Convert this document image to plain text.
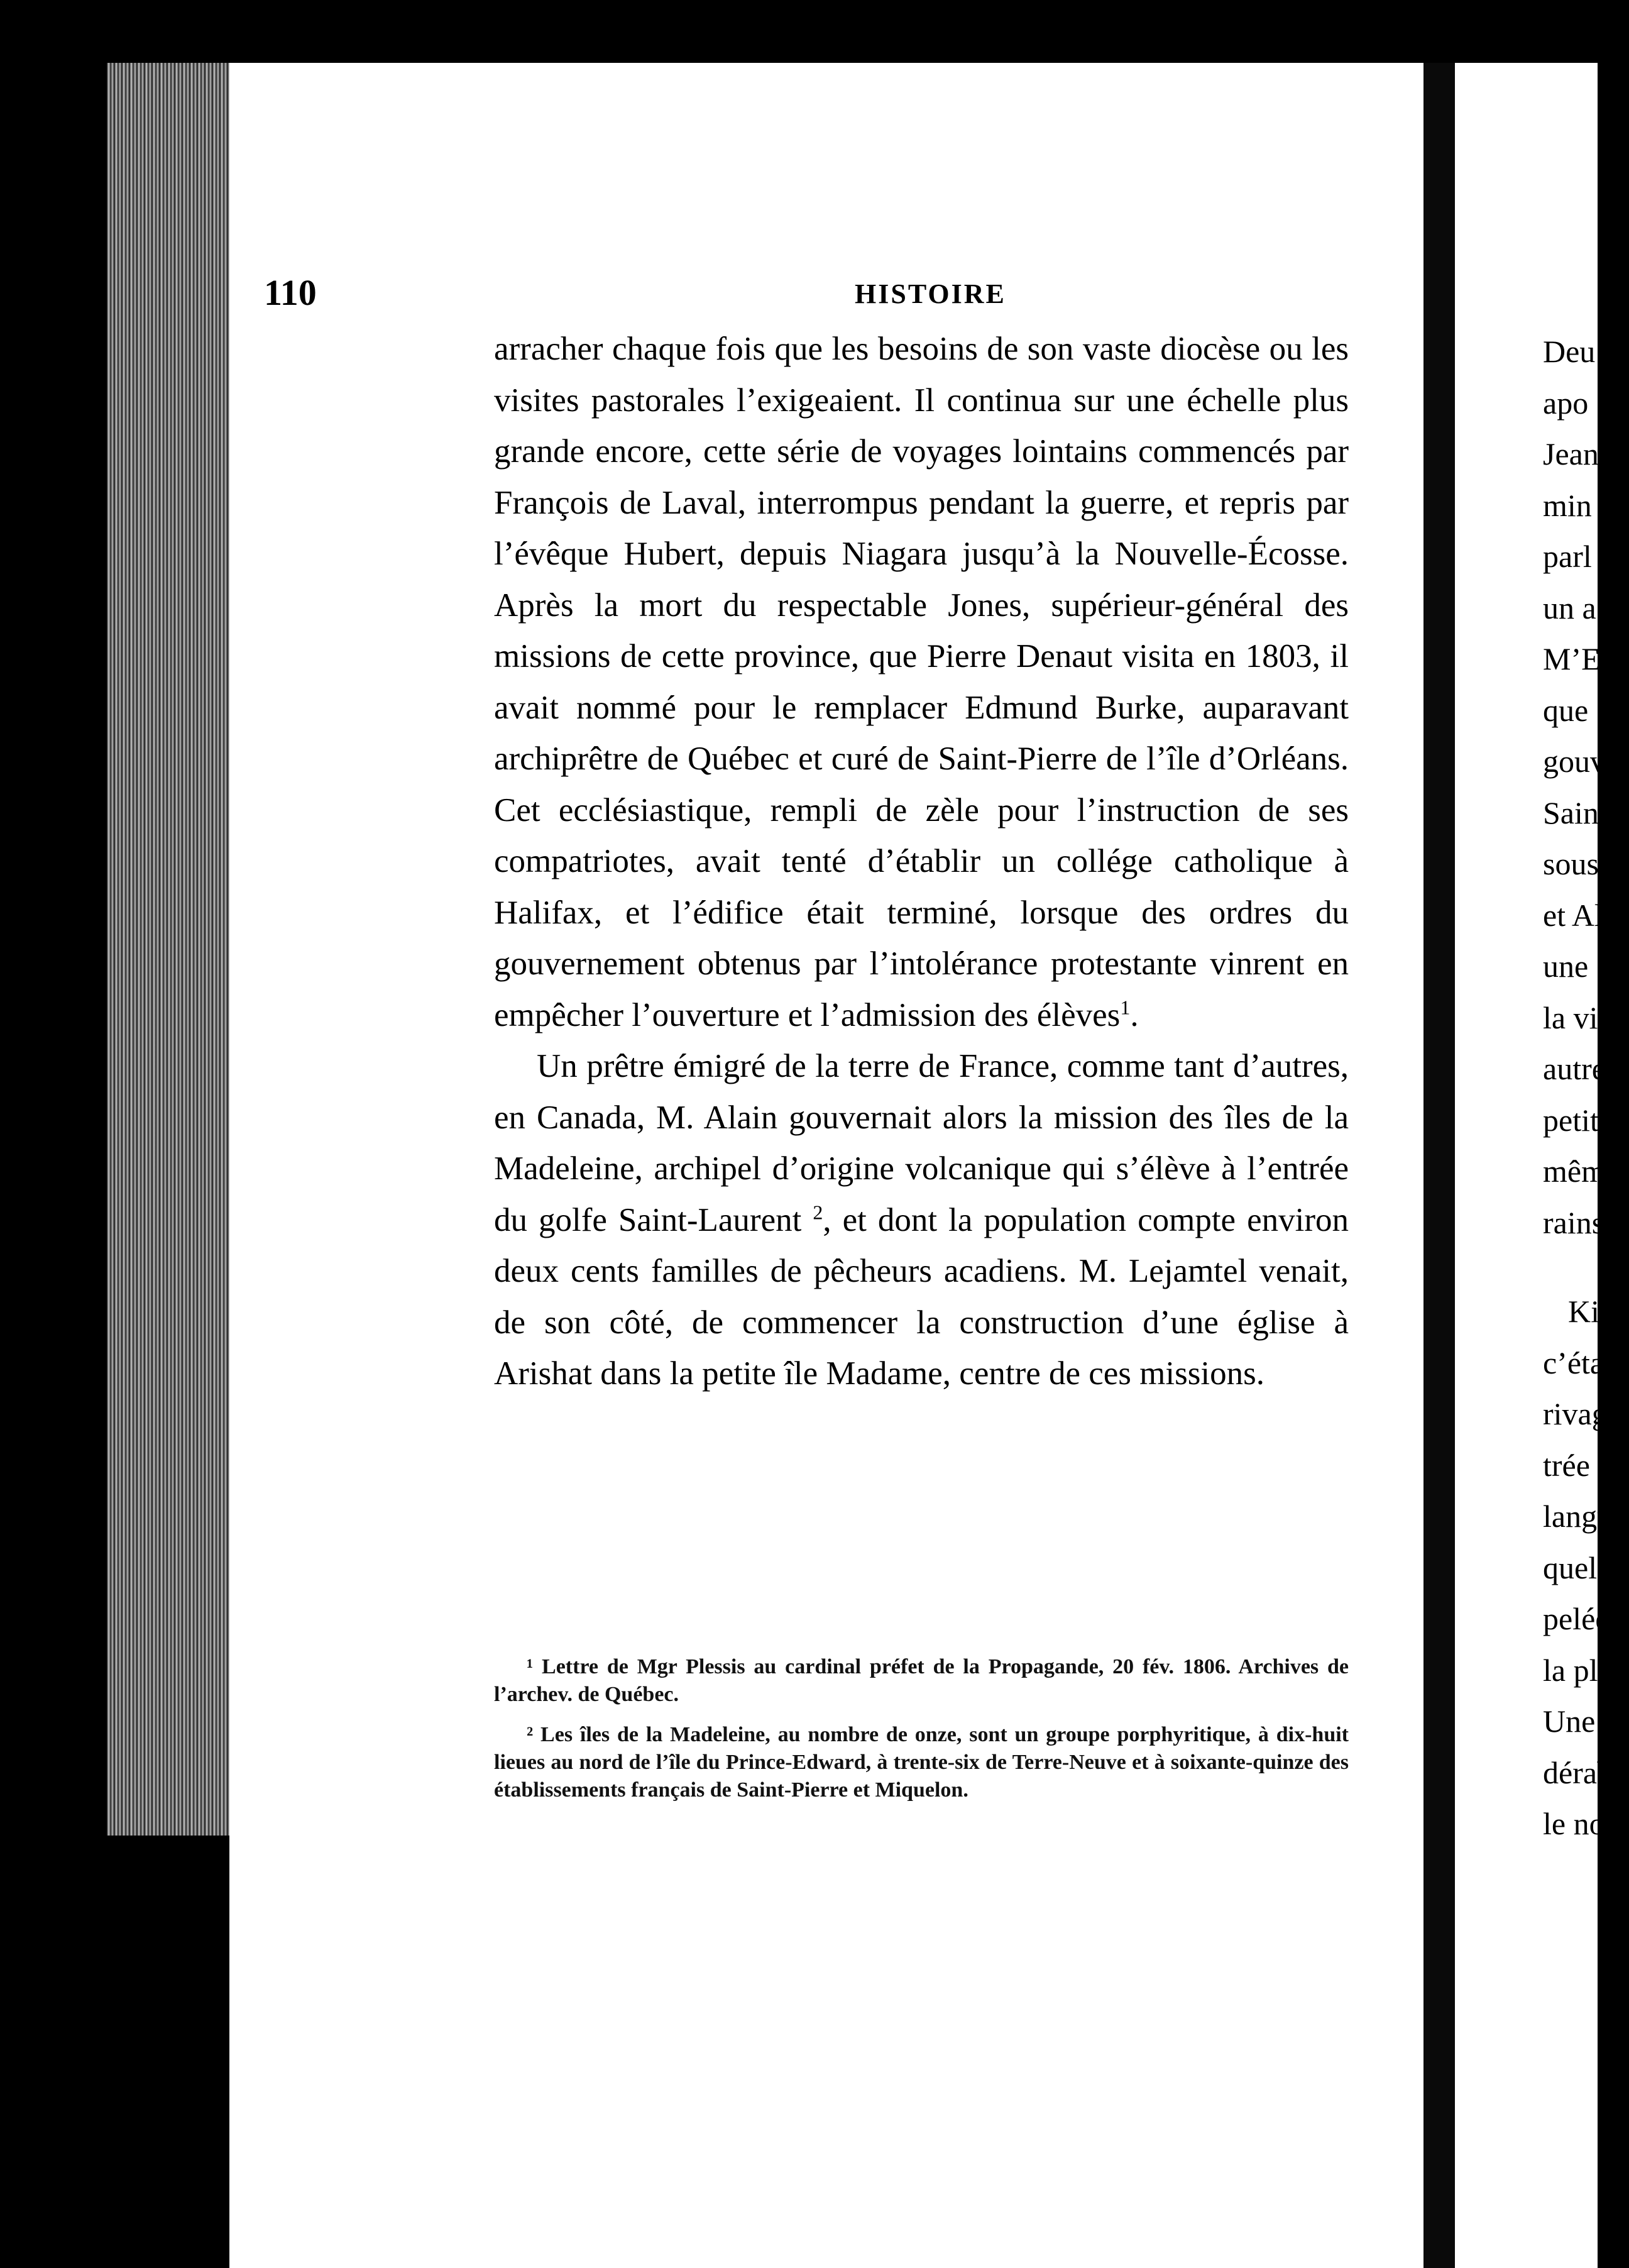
110	HISTOIRE

arracher chaque fois que les besoins de son vaste diocèse ou les visites pastorales l’exigeaient. Il continua sur une échelle plus grande encore, cette série de voyages lointains commencés par François de Laval, interrompus pendant la guerre, et repris par l’évêque Hubert, depuis Niagara jusqu’à la Nouvelle-Écosse. Après la mort du respectable Jones, supérieur-général des missions de cette province, que Pierre Denaut visita en 1803, il avait nommé pour le remplacer Edmund Burke, auparavant archiprêtre de Québec et curé de Saint-Pierre de l’île d’Orléans. Cet ecclésiastique, rempli de zèle pour l’instruction de ses compatriotes, avait tenté d’établir un collége catholique à Halifax, et l’édifice était terminé, lorsque des ordres du gouvernement obtenus par l’intolérance protestante vinrent en empêcher l’ouverture et l’admission des élèves$^1$.

Un prêtre émigré de la terre de France, comme tant d’autres, en Canada, M. Alain gouvernait alors la mission des îles de la Madeleine, archipel d’origine volcanique qui s’élève à l’entrée du golfe Saint-Laurent $^2$, et dont la population compte environ deux cents familles de pêcheurs acadiens. M. Lejamtel venait, de son côté, de commencer la construction d’une église à Arishat dans la petite île Madame, centre de ces missions.

¹ Lettre de Mgr Plessis au cardinal préfet de la Propagande, 20 fév. 1806. Archives de l’archev. de Québec.

² Les îles de la Madeleine, au nombre de onze, sont un groupe porphyritique, à dix-huit lieues au nord de l’île du Prince-Edward, à trente-six de Terre-Neuve et à soixante-quinze des établissements français de Saint-Pierre et Miquelon.

Deu
apo
Jean
min
parl
un a
M’E
que
gouv
Sain
sous
et Al
une
la vi
autre
petit
même
rains
Ki
c’étai
rivag
trée c
langu
quelq
pelée
la plu
Une c
dérabl
le nom
